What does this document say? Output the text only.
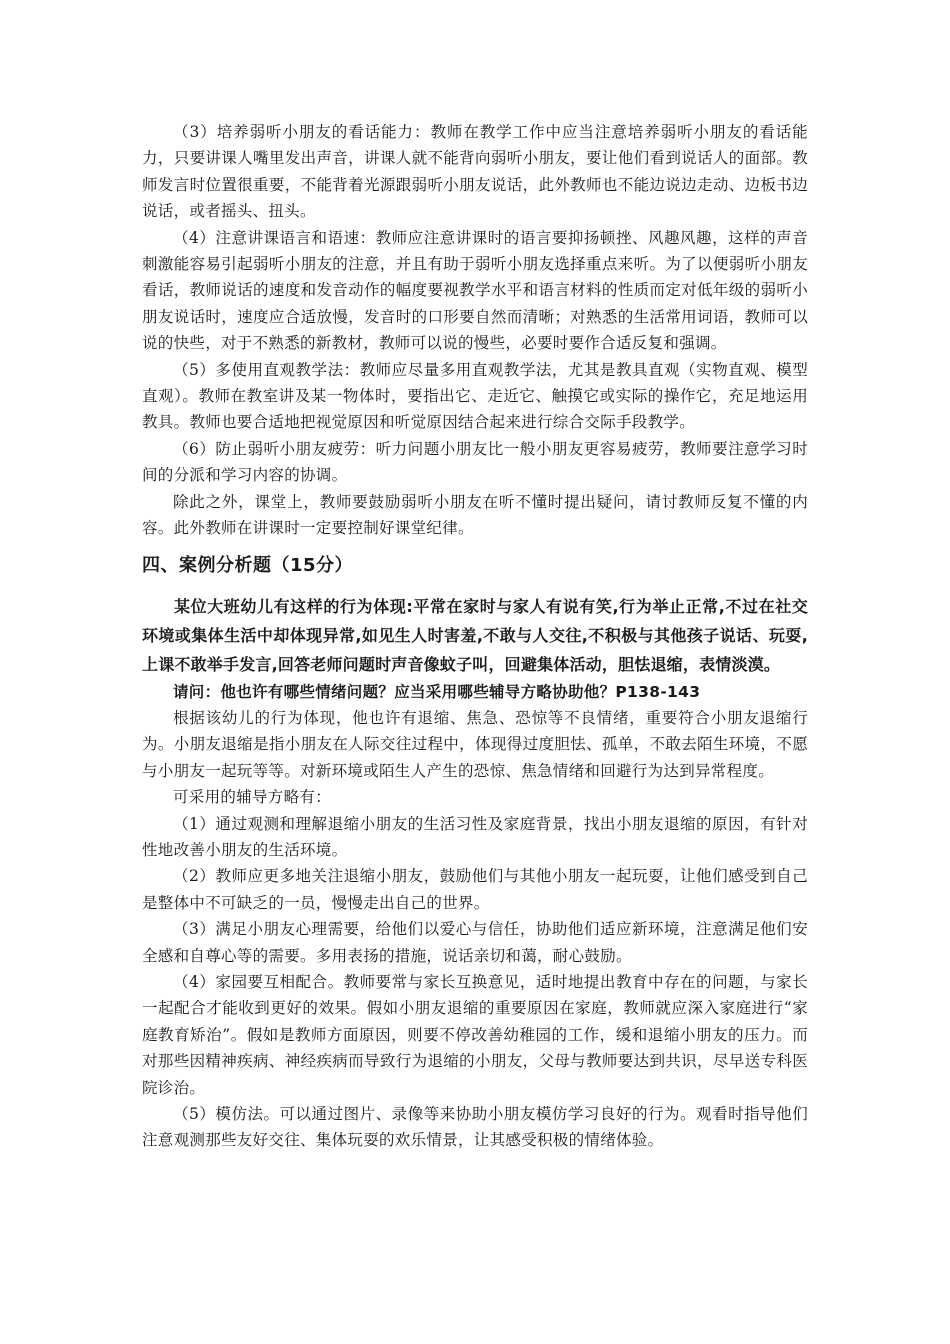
（3）培养弱听小朋友的看话能力：教师在教学工作中应当注意培养弱听小朋友的看话能力，只要讲课人嘴里发出声音，讲课人就不能背向弱听小朋友，要让他们看到说话人的面部。教师发言时位置很重要，不能背着光源跟弱听小朋友说话，此外教师也不能边说边走动、边板书边说话，或者摇头、扭头。

（4）注意讲课语言和语速：教师应注意讲课时的语言要抑扬顿挫、风趣风趣，这样的声音刺激能容易引起弱听小朋友的注意，并且有助于弱听小朋友选择重点来听。为了以便弱听小朋友看话，教师说话的速度和发音动作的幅度要视教学水平和语言材料的性质而定对低年级的弱听小朋友说话时，速度应合适放慢，发音时的口形要自然而清晰；对熟悉的生活常用词语，教师可以说的快些，对于不熟悉的新教材，教师可以说的慢些，必要时要作合适反复和强调。

（5）多使用直观教学法：教师应尽量多用直观教学法，尤其是教具直观（实物直观、模型直观）。教师在教室讲及某一物体时，要指出它、走近它、触摸它或实际的操作它，充足地运用教具。教师也要合适地把视觉原因和听觉原因结合起来进行综合交际手段教学。

（6）防止弱听小朋友疲劳：听力问题小朋友比一般小朋友更容易疲劳，教师要注意学习时间的分派和学习内容的协调。

除此之外，课堂上，教师要鼓励弱听小朋友在听不懂时提出疑问，请讨教师反复不懂的内容。此外教师在讲课时一定要控制好课堂纪律。

四、案例分析题（15分）

某位大班幼儿有这样的行为体现:平常在家时与家人有说有笑,行为举止正常,不过在社交环境或集体生活中却体现异常,如见生人时害羞,不敢与人交往,不积极与其他孩子说话、玩耍,上课不敢举手发言,回答老师问题时声音像蚊子叫，回避集体活动，胆怯退缩，表情淡漠。

请问：他也许有哪些情绪问题？应当采用哪些辅导方略协助他？P138-143

根据该幼儿的行为体现，他也许有退缩、焦急、恐惊等不良情绪，重要符合小朋友退缩行为。小朋友退缩是指小朋友在人际交往过程中，体现得过度胆怯、孤单，不敢去陌生环境，不愿与小朋友一起玩等等。对新环境或陌生人产生的恐惊、焦急情绪和回避行为达到异常程度。

可采用的辅导方略有：

（1）通过观测和理解退缩小朋友的生活习性及家庭背景，找出小朋友退缩的原因，有针对性地改善小朋友的生活环境。

（2）教师应更多地关注退缩小朋友，鼓励他们与其他小朋友一起玩耍，让他们感受到自己是整体中不可缺乏的一员，慢慢走出自己的世界。

（3）满足小朋友心理需要，给他们以爱心与信任，协助他们适应新环境，注意满足他们安全感和自尊心等的需要。多用表扬的措施，说话亲切和蔼，耐心鼓励。

（4）家园要互相配合。教师要常与家长互换意见，适时地提出教育中存在的问题，与家长一起配合才能收到更好的效果。假如小朋友退缩的重要原因在家庭，教师就应深入家庭进行“家庭教育矫治”。假如是教师方面原因，则要不停改善幼稚园的工作，缓和退缩小朋友的压力。而对那些因精神疾病、神经疾病而导致行为退缩的小朋友，父母与教师要达到共识，尽早送专科医院诊治。

（5）模仿法。可以通过图片、录像等来协助小朋友模仿学习良好的行为。观看时指导他们注意观测那些友好交往、集体玩耍的欢乐情景，让其感受积极的情绪体验。
